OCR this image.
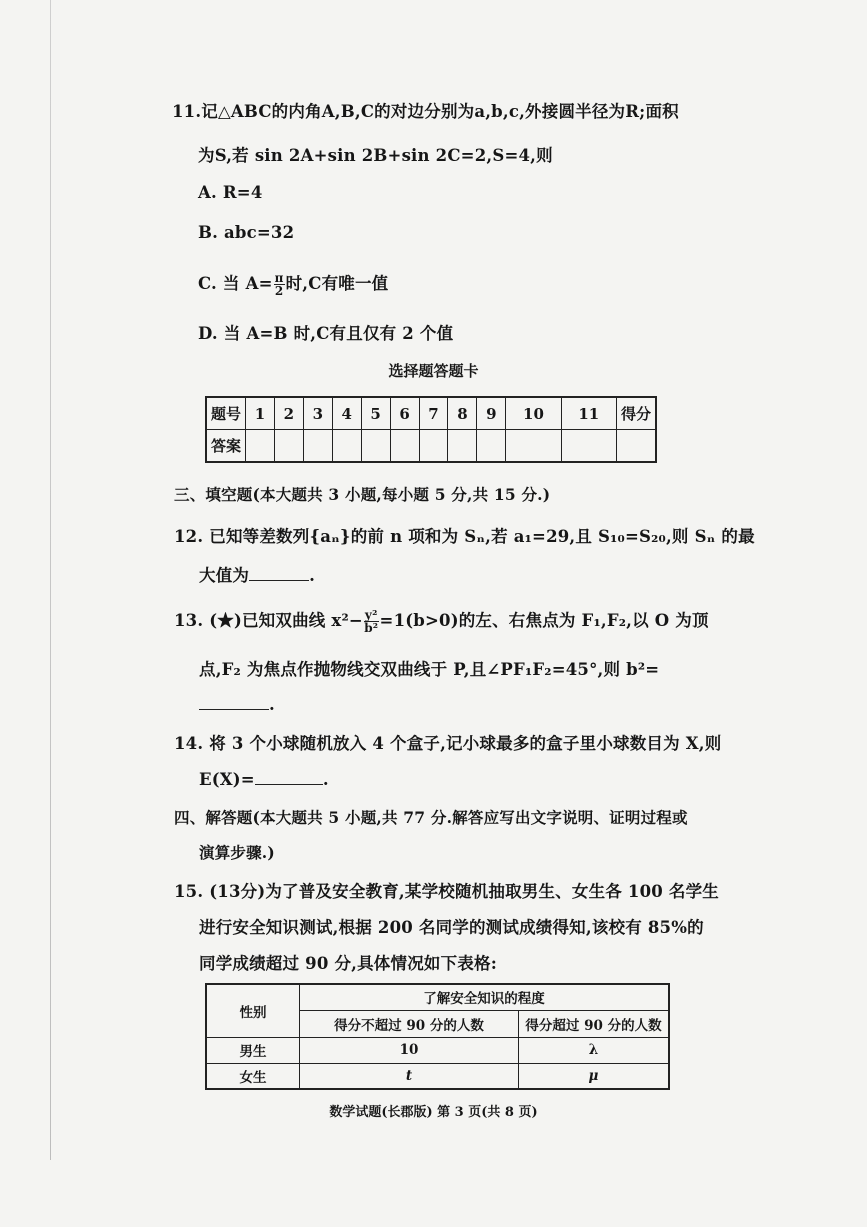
11.记△ABC的内角A,B,C的对边分别为a,b,c,外接圆半径为R;面积
为S,若 sin 2A+sin 2B+sin 2C=2,S=4,则
A. R=4
B. abc=32
C. 当 $A= \frac{\pi}{2}$ 时,C有唯一值
D. 当 A=B 时,C有且仅有 2 个值
选择题答题卡
题号	1	2	3	4	5	6	7	8	9	10	11	得分
答案												
三、填空题(本大题共 3 小题,每小题 5 分,共 15 分.)
12. 已知等差数列{aₙ}的前 n 项和为 Sₙ,若 a₁=29,且 S₁₀=S₂₀,则 Sₙ 的最
大值为	.
13. (★)已知双曲线 $x^2- \frac{\text{y²}}{\text{b²}} =1(b>0)$的左、右焦点为 F₁,F₂,以 O 为顶
点,F₂ 为焦点作抛物线交双曲线于 P,且∠PF₁F₂=45°,则 b²=
.
14. 将 3 个小球随机放入 4 个盒子,记小球最多的盒子里小球数目为 X,则
E(X)=	.
四、解答题(本大题共 5 小题,共 77 分.解答应写出文字说明、证明过程或
演算步骤.)
15. (13分)为了普及安全教育,某学校随机抽取男生、女生各 100 名学生
进行安全知识测试,根据 200 名同学的测试成绩得知,该校有 85%的
同学成绩超过 90 分,具体情况如下表格:
性别	了解安全知识的程度	
	得分不超过 90 分的人数	得分超过 90 分的人数
男生	10	λ
女生	t	μ
数学试题(长郡版) 第 3 页(共 8 页)
